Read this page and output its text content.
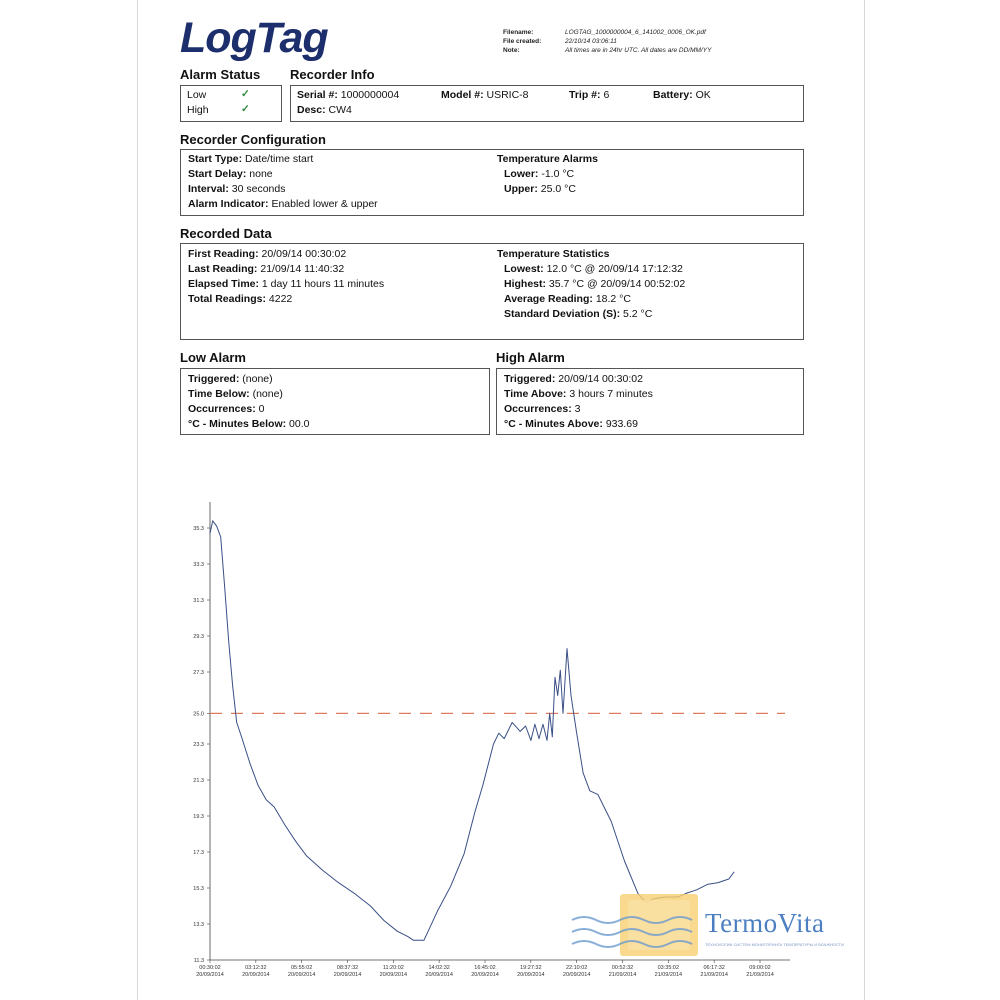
LogTag	Filename:	LOGTAG_1000000004_6_141002_0006_OK.pdf
File created:	22/10/14 03:06:11
Note:	All times are in 24hr UTC. All dates are DD/MM/YY
Alarm Status
Low	✓
High	✓
Recorder Info
Serial #: 1000000004	Model #: USRIC-8	Trip #: 6	Battery: OK
Desc: CW4
Recorder Configuration
Start Type: Date/time start
Start Delay: none
Interval: 30 seconds
Alarm Indicator: Enabled lower & upper
Temperature Alarms
Lower: -1.0 °C
Upper: 25.0 °C
Recorded Data
First Reading: 20/09/14 00:30:02
Last Reading: 21/09/14 11:40:32
Elapsed Time: 1 day 11 hours 11 minutes
Total Readings: 4222
Temperature Statistics
Lowest: 12.0 °C @ 20/09/14 17:12:32
Highest: 35.7 °C @ 20/09/14 00:52:02
Average Reading: 18.2 °C
Standard Deviation (S): 5.2 °C
Low Alarm
Triggered: (none)
Time Below: (none)
Occurrences: 0
°C - Minutes Below: 00.0
High Alarm
Triggered: 20/09/14 00:30:02
Time Above: 3 hours 7 minutes
Occurrences: 3
°C - Minutes Above: 933.69
35.3
33.3
31.3
29.3
27.3
25.0
23.3
21.3
19.3
17.3
15.3
13.3
11.3
00:30:02
20/09/2014
03:12:32
20/09/2014
05:55:02
20/09/2014
08:37:32
20/09/2014
11:20:02
20/09/2014
14:02:32
20/09/2014
16:45:02
20/09/2014
19:27:32
20/09/2014
22:10:02
20/09/2014
00:52:32
21/09/2014
03:35:02
21/09/2014
06:17:32
21/09/2014
09:00:02
21/09/2014
TermoVita
ТЕХНОЛОГИИ СИСТЕМ МОНИТОРИНГА ТЕМПЕРАТУРЫ И ВЛАЖНОСТИ
